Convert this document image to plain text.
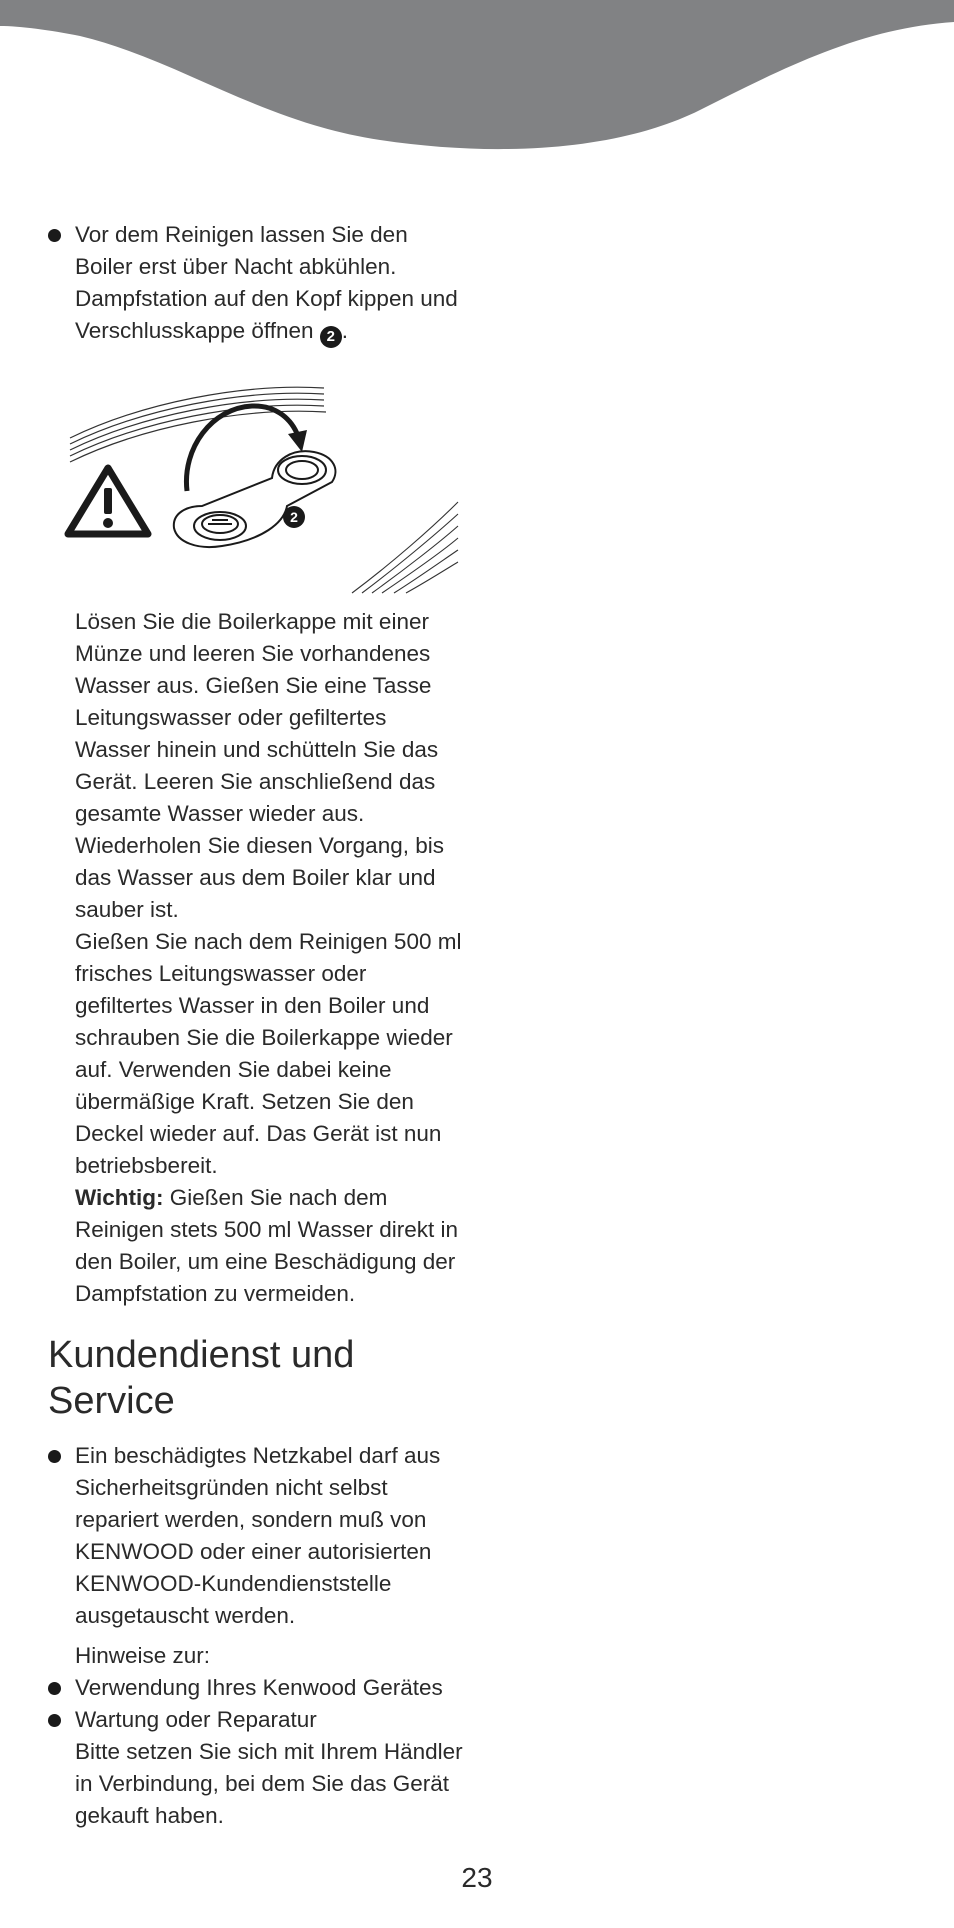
Vor dem Reinigen lassen Sie den Boiler erst über Nacht abkühlen. Dampfstation auf den Kopf kippen und Verschlusskappe öffnen 2 .

2

Lösen Sie die Boilerkappe mit einer Münze und leeren Sie vorhandenes Wasser aus. Gießen Sie eine Tasse Leitungswasser oder gefiltertes Wasser hinein und schütteln Sie das Gerät. Leeren Sie anschließend das gesamte Wasser wieder aus. Wiederholen Sie diesen Vorgang, bis das Wasser aus dem Boiler klar und sauber ist.

Gießen Sie nach dem Reinigen 500 ml frisches Leitungswasser oder gefiltertes Wasser in den Boiler und schrauben Sie die Boilerkappe wieder auf. Verwenden Sie dabei keine übermäßige Kraft. Setzen Sie den Deckel wieder auf. Das Gerät ist nun betriebsbereit.

Wichtig: Gießen Sie nach dem Reinigen stets 500 ml Wasser direkt in den Boiler, um eine Beschädigung der Dampfstation zu vermeiden.

Kundendienst und
Service

Ein beschädigtes Netzkabel darf aus Sicherheitsgründen nicht selbst repariert werden, sondern muß von KENWOOD oder einer autorisierten KENWOOD-Kundendienststelle ausgetauscht werden.

Hinweise zur:

Verwendung Ihres Kenwood Gerätes

Wartung oder Reparatur

Bitte setzen Sie sich mit Ihrem Händler in Verbindung, bei dem Sie das Gerät gekauft haben.

23
